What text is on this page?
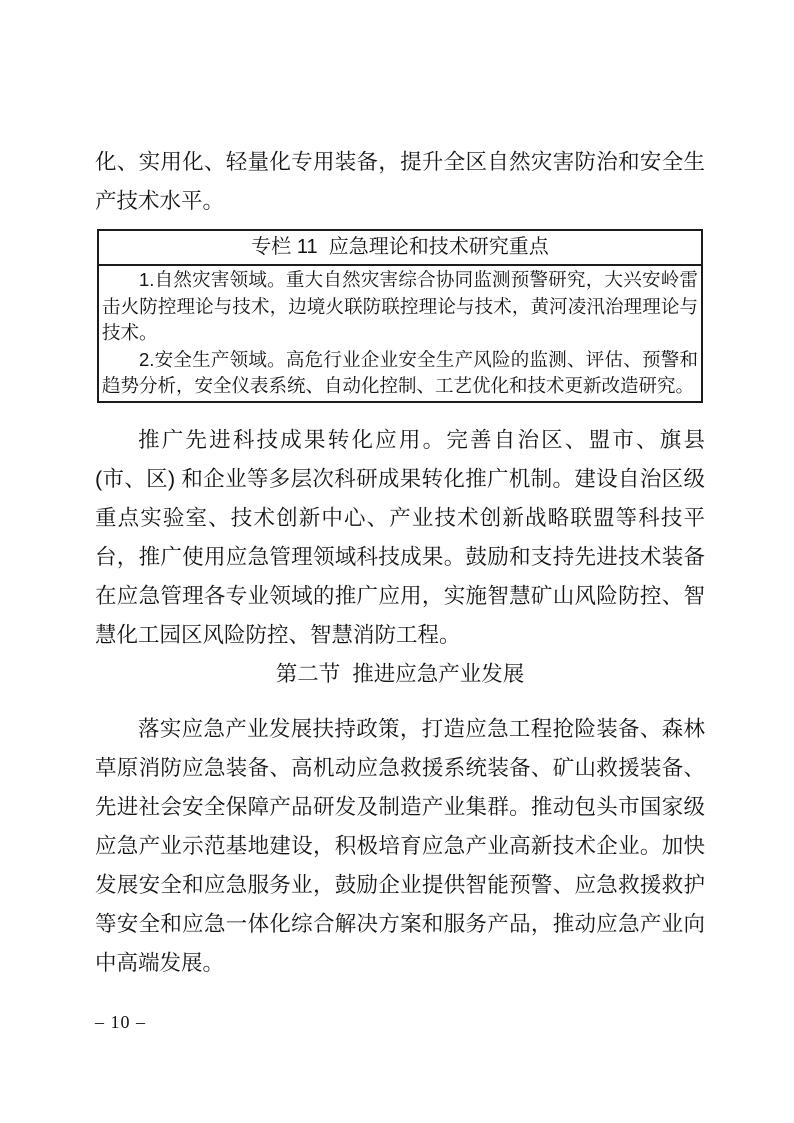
化、实用化、轻量化专用装备，提升全区自然灾害防治和安全生产技术水平。

专栏 11  应急理论和技术研究重点

1.自然灾害领域。重大自然灾害综合协同监测预警研究，大兴安岭雷击火防控理论与技术，边境火联防联控理论与技术，黄河凌汛治理理论与技术。

2.安全生产领域。高危行业企业安全生产风险的监测、评估、预警和趋势分析，安全仪表系统、自动化控制、工艺优化和技术更新改造研究。

推广先进科技成果转化应用。完善自治区、盟市、旗县 (市、区) 和企业等多层次科研成果转化推广机制。建设自治区级重点实验室、技术创新中心、产业技术创新战略联盟等科技平台，推广使用应急管理领域科技成果。鼓励和支持先进技术装备在应急管理各专业领域的推广应用，实施智慧矿山风险防控、智慧化工园区风险防控、智慧消防工程。

第二节  推进应急产业发展

落实应急产业发展扶持政策，打造应急工程抢险装备、森林草原消防应急装备、高机动应急救援系统装备、矿山救援装备、先进社会安全保障产品研发及制造产业集群。推动包头市国家级应急产业示范基地建设，积极培育应急产业高新技术企业。加快发展安全和应急服务业，鼓励企业提供智能预警、应急救援救护等安全和应急一体化综合解决方案和服务产品，推动应急产业向中高端发展。

– 10 –
